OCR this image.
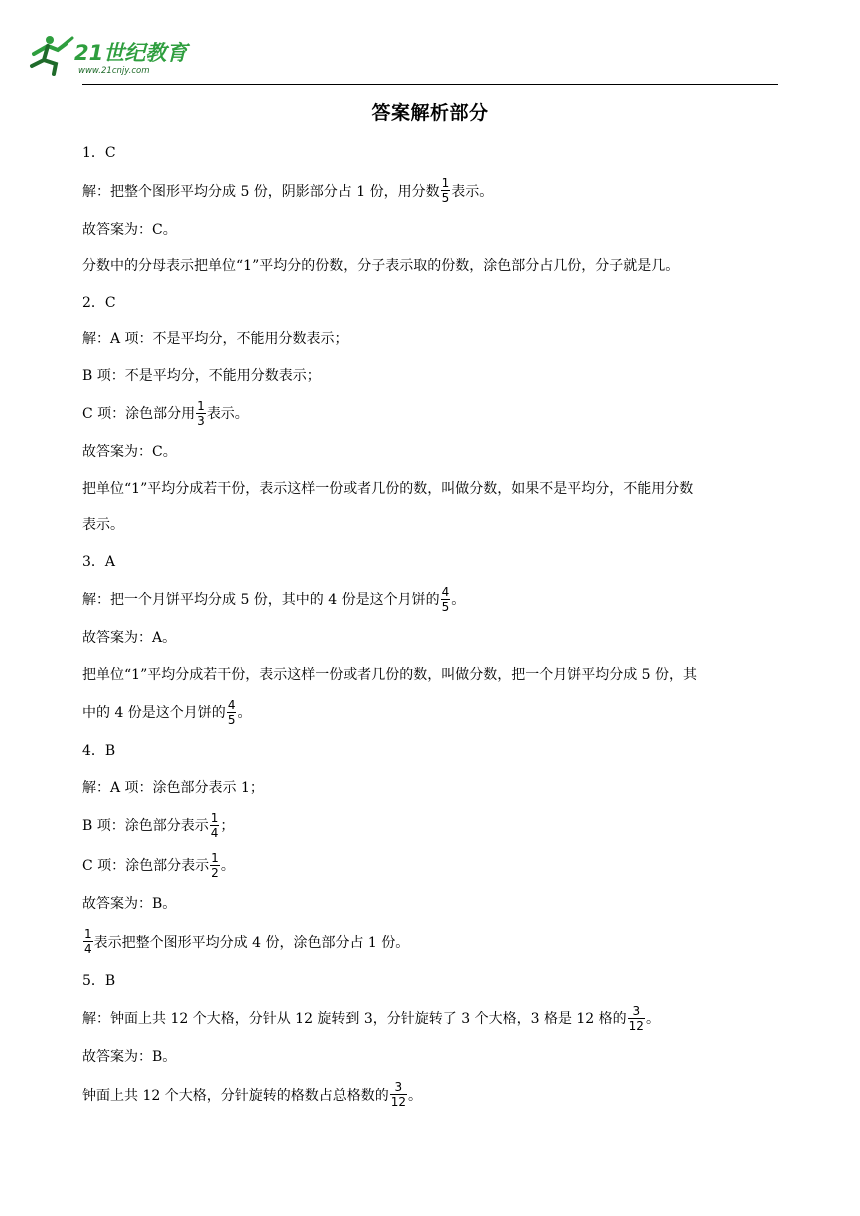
21世纪教育
www.21cnjy.com
答案解析部分
1．C
解：把整个图形平均分成 5 份，阴影部分占 1 份，用分数 $\frac{1}{5}$ 表示。
故答案为：C。
分数中的分母表示把单位“1”平均分的份数，分子表示取的份数，涂色部分占几份，分子就是几。
2．C
解：A 项：不是平均分，不能用分数表示；
B 项：不是平均分，不能用分数表示；
C 项：涂色部分用 $\frac{1}{3}$ 表示。
故答案为：C。
把单位“1”平均分成若干份，表示这样一份或者几份的数，叫做分数，如果不是平均分，不能用分数
表示。
3．A
解：把一个月饼平均分成 5 份，其中的 4 份是这个月饼的 $\frac{4}{5}$ 。
故答案为：A。
把单位“1”平均分成若干份，表示这样一份或者几份的数，叫做分数，把一个月饼平均分成 5 份，其
中的 4 份是这个月饼的 $\frac{4}{5}$ 。
4．B
解：A 项：涂色部分表示 1；
B 项：涂色部分表示 $\frac{1}{4}$ ；
C 项：涂色部分表示 $\frac{1}{2}$ 。
故答案为：B。
$\frac{1}{4}$ 表示把整个图形平均分成 4 份，涂色部分占 1 份。
5．B
解：钟面上共 12 个大格，分针从 12 旋转到 3，分针旋转了 3 个大格，3 格是 12 格的 $\frac{3}{12}$ 。
故答案为：B。
钟面上共 12 个大格，分针旋转的格数占总格数的 $\frac{3}{12}$ 。
